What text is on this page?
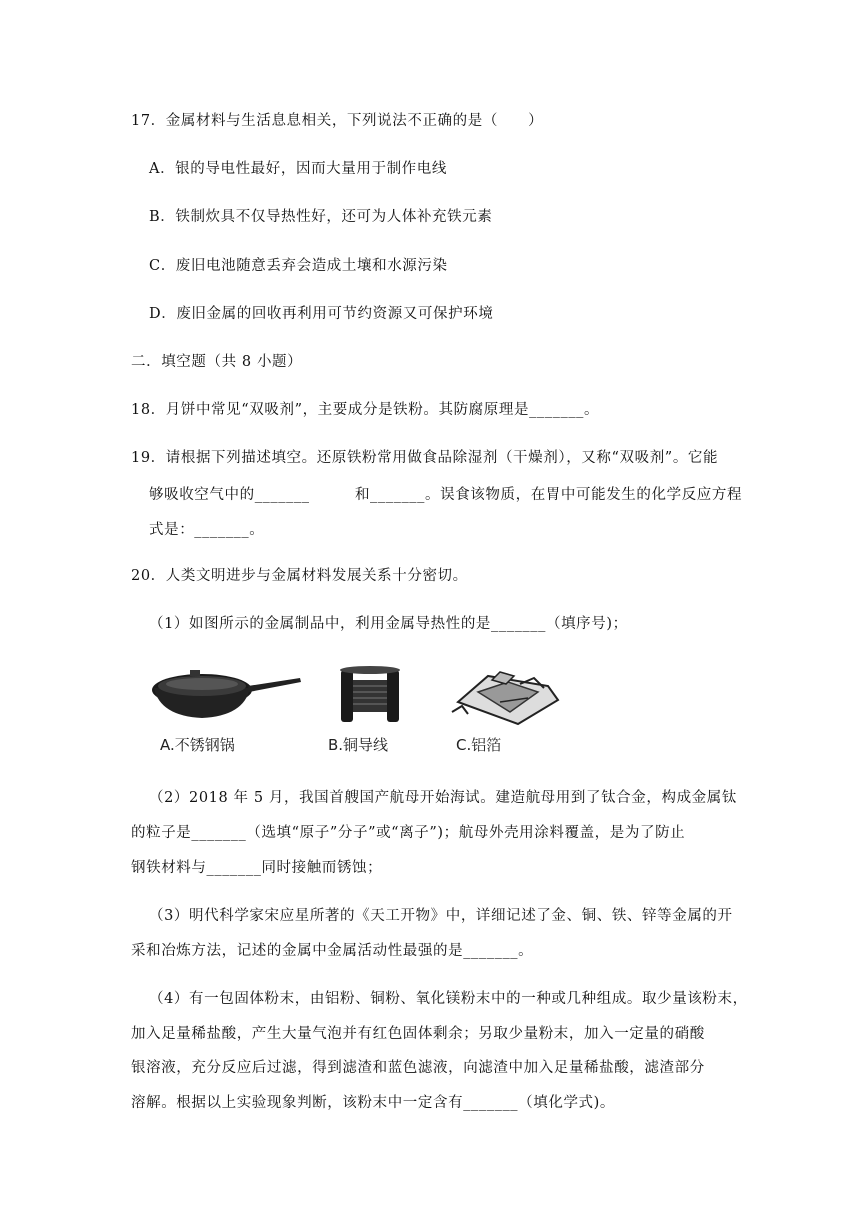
17．金属材料与生活息息相关，下列说法不正确的是（　　）
A．银的导电性最好，因而大量用于制作电线
B．铁制炊具不仅导热性好，还可为人体补充铁元素
C．废旧电池随意丢弃会造成土壤和水源污染
D．废旧金属的回收再利用可节约资源又可保护环境
二．填空题（共 8 小题）
18．月饼中常见“双吸剂”，主要成分是铁粉。其防腐原理是_______。
19．请根据下列描述填空。还原铁粉常用做食品除湿剂（干燥剂），又称“双吸剂”。它能
够吸收空气中的_______　　　和_______。误食该物质，在胃中可能发生的化学反应方程
式是：_______。
20．人类文明进步与金属材料发展关系十分密切。
（1）如图所示的金属制品中，利用金属导热性的是_______（填序号)；
A.不锈钢锅	B.铜导线	C.铝箔
（2）2018 年 5 月，我国首艘国产航母开始海试。建造航母用到了钛合金，构成金属钛
的粒子是_______（选填“原子”分子”或“离子”)；航母外壳用涂料覆盖，是为了防止
钢铁材料与_______同时接触而锈蚀；
（3）明代科学家宋应星所著的《天工开物》中，详细记述了金、铜、铁、锌等金属的开
采和冶炼方法，记述的金属中金属活动性最强的是_______。
（4）有一包固体粉末，由铝粉、铜粉、氧化镁粉末中的一种或几种组成。取少量该粉末，
加入足量稀盐酸，产生大量气泡并有红色固体剩余；另取少量粉末，加入一定量的硝酸
银溶液，充分反应后过滤，得到滤渣和蓝色滤液，向滤渣中加入足量稀盐酸，滤渣部分
溶解。根据以上实验现象判断，该粉末中一定含有_______（填化学式)。
